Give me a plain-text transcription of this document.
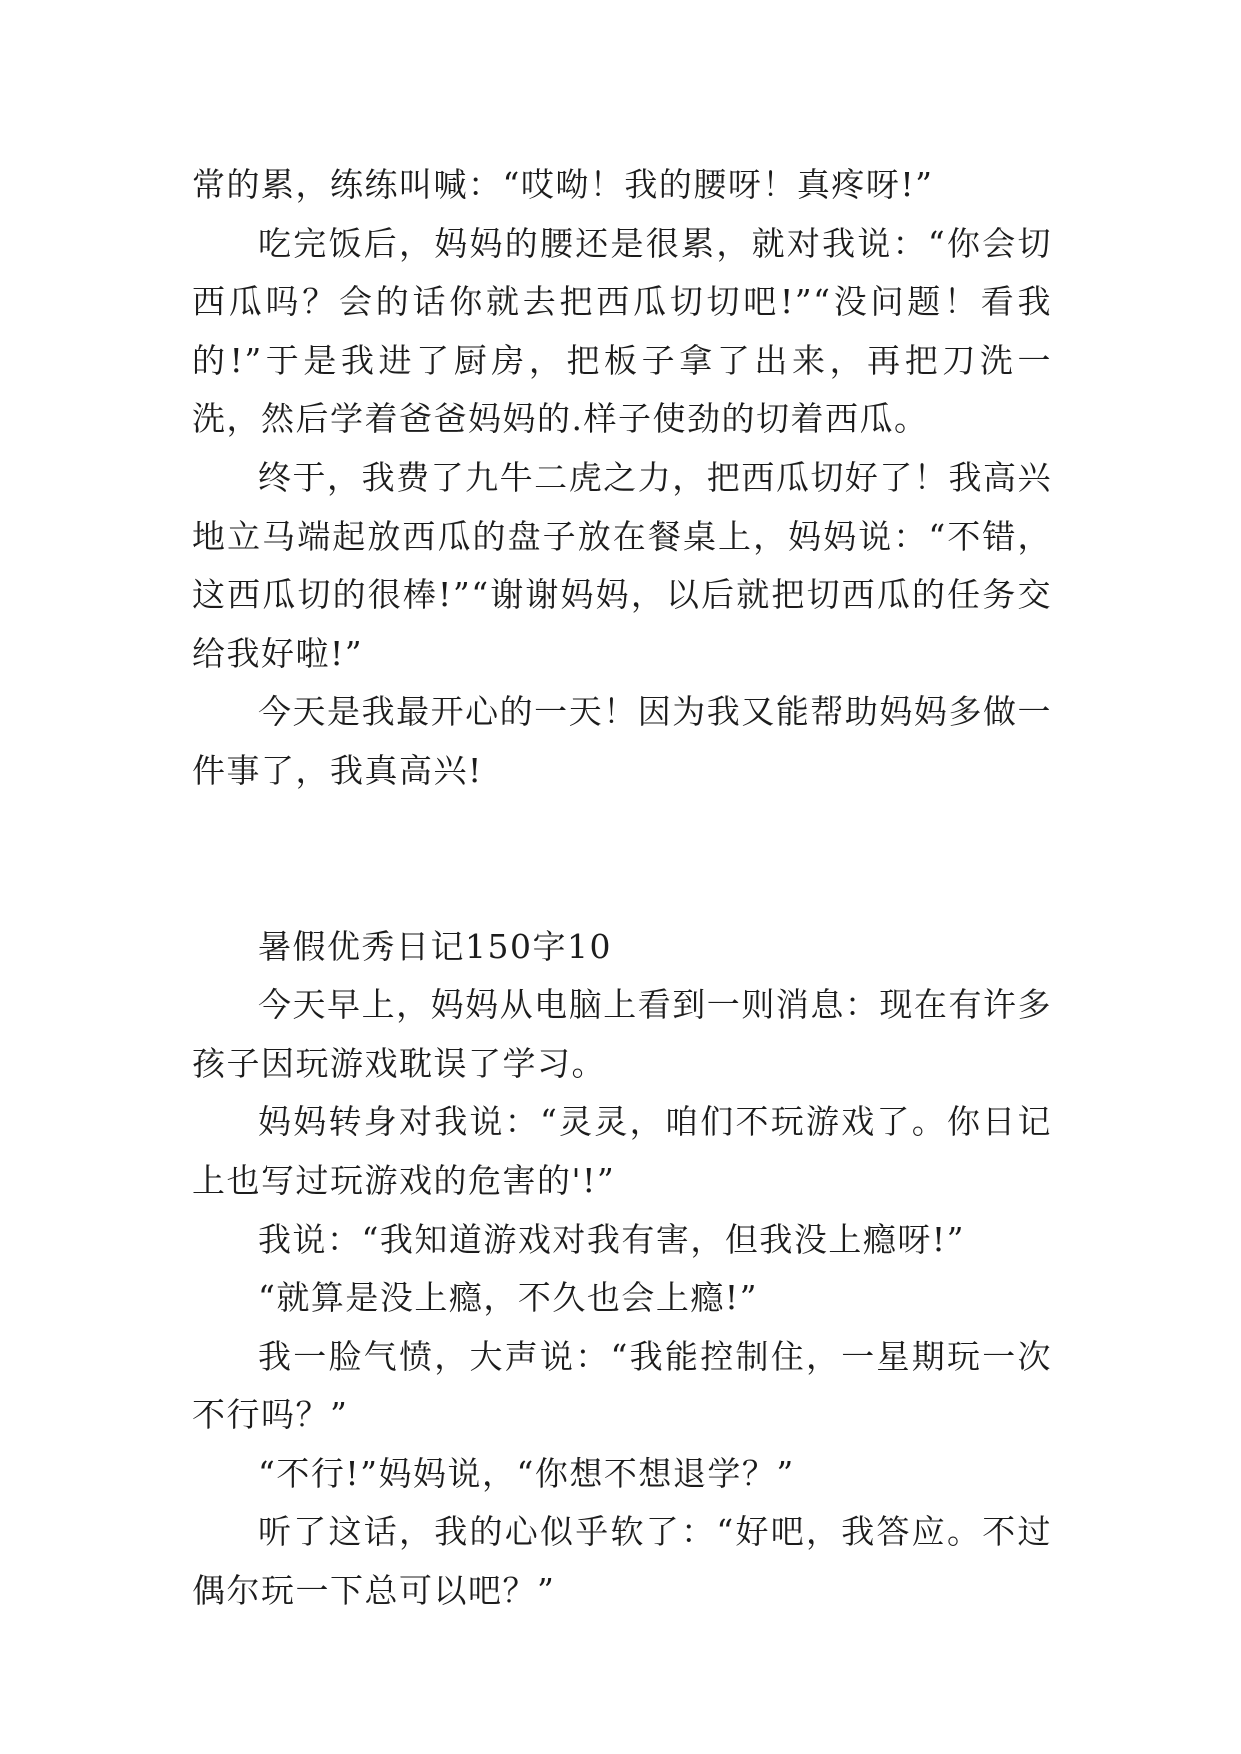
常的累，练练叫喊：“哎呦！我的腰呀！真疼呀!”

吃完饭后，妈妈的腰还是很累，就对我说：“你会切西瓜吗？会的话你就去把西瓜切切吧!”“没问题！看我的!”于是我进了厨房，把板子拿了出来，再把刀洗一洗，然后学着爸爸妈妈的.样子使劲的切着西瓜。

终于，我费了九牛二虎之力，把西瓜切好了！我高兴地立马端起放西瓜的盘子放在餐桌上，妈妈说：“不错，这西瓜切的很棒!”“谢谢妈妈，以后就把切西瓜的任务交给我好啦!”

今天是我最开心的一天！因为我又能帮助妈妈多做一件事了，我真高兴!

暑假优秀日记150字10

今天早上，妈妈从电脑上看到一则消息：现在有许多孩子因玩游戏耽误了学习。

妈妈转身对我说：“灵灵，咱们不玩游戏了。你日记上也写过玩游戏的危害的'!”

我说：“我知道游戏对我有害，但我没上瘾呀!”

“就算是没上瘾，不久也会上瘾!”

我一脸气愤，大声说：“我能控制住，一星期玩一次不行吗？”

“不行!”妈妈说，“你想不想退学？”

听了这话，我的心似乎软了：“好吧，我答应。不过偶尔玩一下总可以吧？”
